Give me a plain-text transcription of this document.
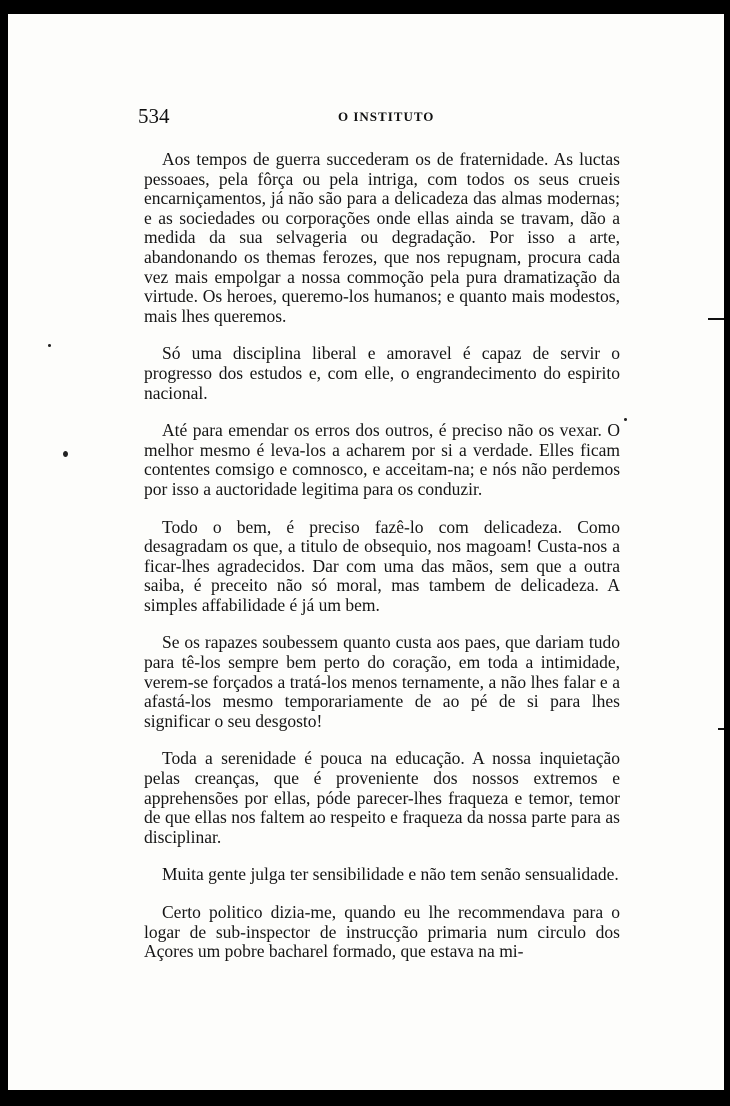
534	O INSTITUTO

Aos tempos de guerra succederam os de fraternidade. As luctas pessoaes, pela fôrça ou pela intriga, com todos os seus crueis encarniçamentos, já não são para a delicadeza das almas modernas; e as sociedades ou corporações onde ellas ainda se travam, dão a medida da sua selvageria ou degradação. Por isso a arte, abandonando os themas ferozes, que nos repugnam, procura cada vez mais empolgar a nossa commoção pela pura dramatização da virtude. Os heroes, queremo-los humanos; e quanto mais modestos, mais lhes queremos.

Só uma disciplina liberal e amoravel é capaz de servir o progresso dos estudos e, com elle, o engrandecimento do espirito nacional.

Até para emendar os erros dos outros, é preciso não os vexar. O melhor mesmo é leva-los a acharem por si a verdade. Elles ficam contentes comsigo e comnosco, e acceitam-na; e nós não perdemos por isso a auctoridade legitima para os conduzir.

Todo o bem, é preciso fazê-lo com delicadeza. Como desagradam os que, a titulo de obsequio, nos magoam! Custa-nos a ficar-lhes agradecidos. Dar com uma das mãos, sem que a outra saiba, é preceito não só moral, mas tambem de delicadeza. A simples affabilidade é já um bem.

Se os rapazes soubessem quanto custa aos paes, que dariam tudo para tê-los sempre bem perto do coração, em toda a intimidade, verem-se forçados a tratá-los menos ternamente, a não lhes falar e a afastá-los mesmo temporariamente de ao pé de si para lhes significar o seu desgosto!

Toda a serenidade é pouca na educação. A nossa inquietação pelas creanças, que é proveniente dos nossos extremos e apprehensões por ellas, póde parecer-lhes fraqueza e temor, temor de que ellas nos faltem ao respeito e fraqueza da nossa parte para as disciplinar.

Muita gente julga ter sensibilidade e não tem senão sensualidade.

Certo politico dizia-me, quando eu lhe recommendava para o logar de sub-inspector de instrucção primaria num circulo dos Açores um pobre bacharel formado, que estava na mi-
